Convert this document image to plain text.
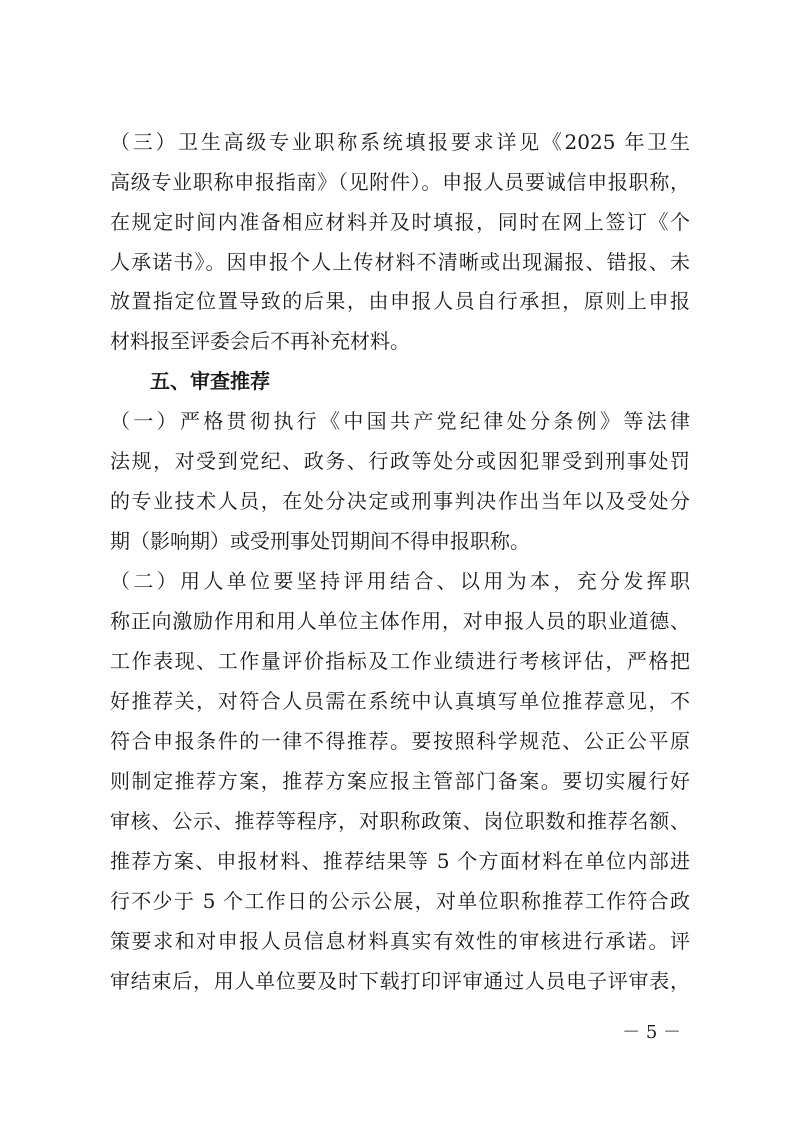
（三）卫生高级专业职称系统填报要求详见《2025 年卫生
高级专业职称申报指南》（见附件）。申报人员要诚信申报职称，
在规定时间内准备相应材料并及时填报，同时在网上签订《个
人承诺书》。因申报个人上传材料不清晰或出现漏报、错报、未
放置指定位置导致的后果，由申报人员自行承担，原则上申报
材料报至评委会后不再补充材料。
五、审查推荐
（一）严格贯彻执行《中国共产党纪律处分条例》等法律
法规，对受到党纪、政务、行政等处分或因犯罪受到刑事处罚
的专业技术人员，在处分决定或刑事判决作出当年以及受处分
期（影响期）或受刑事处罚期间不得申报职称。
（二）用人单位要坚持评用结合、以用为本，充分发挥职
称正向激励作用和用人单位主体作用，对申报人员的职业道德、
工作表现、工作量评价指标及工作业绩进行考核评估，严格把
好推荐关，对符合人员需在系统中认真填写单位推荐意见，不
符合申报条件的一律不得推荐。要按照科学规范、公正公平原
则制定推荐方案，推荐方案应报主管部门备案。要切实履行好
审核、公示、推荐等程序，对职称政策、岗位职数和推荐名额、
推荐方案、申报材料、推荐结果等 5 个方面材料在单位内部进
行不少于 5 个工作日的公示公展，对单位职称推荐工作符合政
策要求和对申报人员信息材料真实有效性的审核进行承诺。评
审结束后，用人单位要及时下载打印评审通过人员电子评审表，
－ 5 －
